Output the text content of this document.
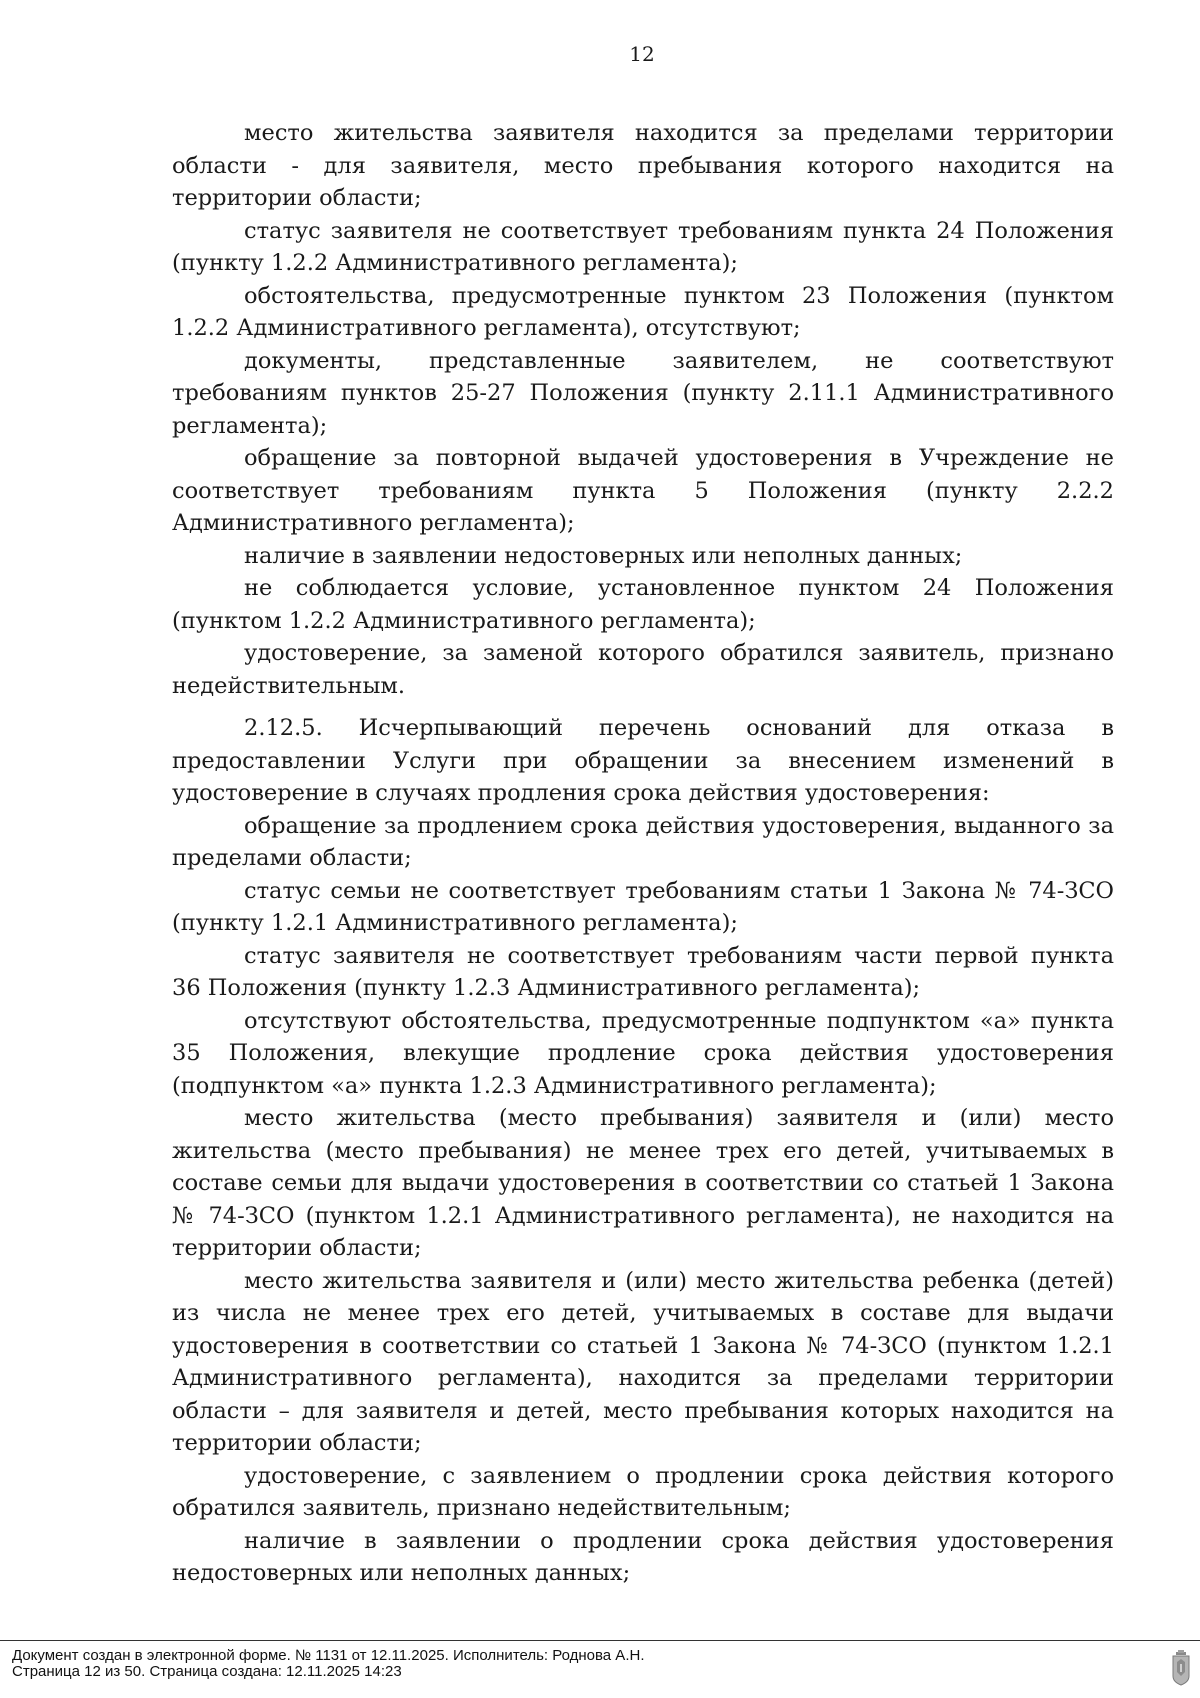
12

место жительства заявителя находится за пределами территории области - для заявителя, место пребывания которого находится на территории области;

статус заявителя не соответствует требованиям пункта 24 Положения (пункту 1.2.2 Административного регламента);

обстоятельства, предусмотренные пунктом 23 Положения (пунктом 1.2.2 Административного регламента), отсутствуют;

документы, представленные заявителем, не соответствуют требованиям пунктов 25-27 Положения (пункту 2.11.1 Административного регламента);

обращение за повторной выдачей удостоверения в Учреждение не соответствует требованиям пункта 5 Положения (пункту 2.2.2 Административного регламента);

наличие в заявлении недостоверных или неполных данных;

не соблюдается условие, установленное пунктом 24 Положения (пунктом 1.2.2 Административного регламента);

удостоверение, за заменой которого обратился заявитель, признано недействительным.

2.12.5. Исчерпывающий перечень оснований для отказа в предоставлении Услуги при обращении за внесением изменений в удостоверение в случаях продления срока действия удостоверения:

обращение за продлением срока действия удостоверения, выданного за пределами области;

статус семьи не соответствует требованиям статьи 1 Закона № 74-ЗСО (пункту 1.2.1 Административного регламента);

статус заявителя не соответствует требованиям части первой пункта 36 Положения (пункту 1.2.3 Административного регламента);

отсутствуют обстоятельства, предусмотренные подпунктом «а» пункта 35 Положения, влекущие продление срока действия удостоверения (подпунктом «а» пункта 1.2.3 Административного регламента);

место жительства (место пребывания) заявителя и (или) место жительства (место пребывания) не менее трех его детей, учитываемых в составе семьи для выдачи удостоверения в соответствии со статьей 1 Закона № 74-ЗСО (пунктом 1.2.1 Административного регламента), не находится на территории области;

место жительства заявителя и (или) место жительства ребенка (детей) из числа не менее трех его детей, учитываемых в составе для выдачи удостоверения в соответствии со статьей 1 Закона № 74-ЗСО (пунктом 1.2.1 Административного регламента), находится за пределами территории области – для заявителя и детей, место пребывания которых находится на территории области;

удостоверение, с заявлением о продлении срока действия которого обратился заявитель, признано недействительным;

наличие в заявлении о продлении срока действия удостоверения недостоверных или неполных данных;

Документ создан в электронной форме. № 1131 от 12.11.2025. Исполнитель: Роднова А.Н.
Страница 12 из 50. Страница создана: 12.11.2025 14:23
